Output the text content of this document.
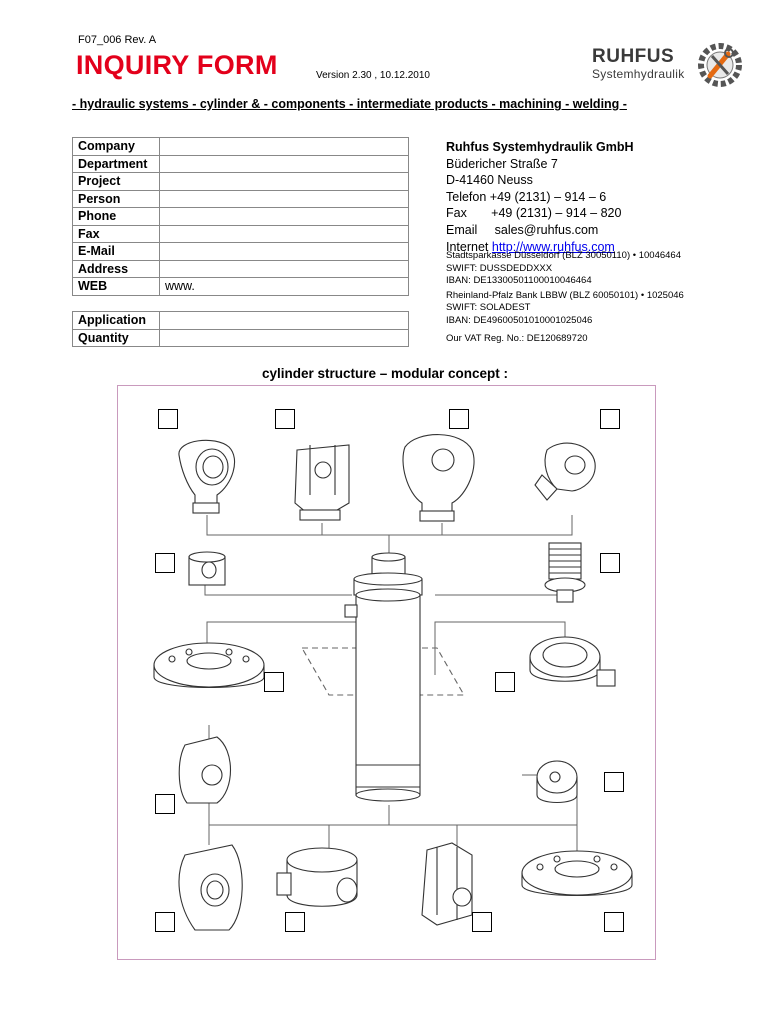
F07_006 Rev. A
INQUIRY FORM	Version 2.30 , 10.12.2010
RUHFUS
Systemhydraulik
- hydraulic systems - cylinder & - components - intermediate products - machining - welding -
Company	
Department	
Project	
Person	
Phone	
Fax	
E-Mail	
Address	
WEB	www.
Application	
Quantity	
Ruhfus Systemhydraulik GmbH
Büdericher Straße 7
D-41460 Neuss
Telefon +49 (2131) – 914 – 6
Fax       +49 (2131) – 914 – 820
Email     sales@ruhfus.com
Internet http://www.ruhfus.com
Stadtsparkasse Düsseldorf (BLZ 30050110) • 10046464
SWIFT: DUSSDEDDXXX
IBAN: DE13300501100010046464
Rheinland-Pfalz Bank LBBW (BLZ 60050101) • 1025046
SWIFT: SOLADEST
IBAN: DE49600501010001025046
Our VAT Reg. No.: DE120689720
cylinder structure – modular concept :
